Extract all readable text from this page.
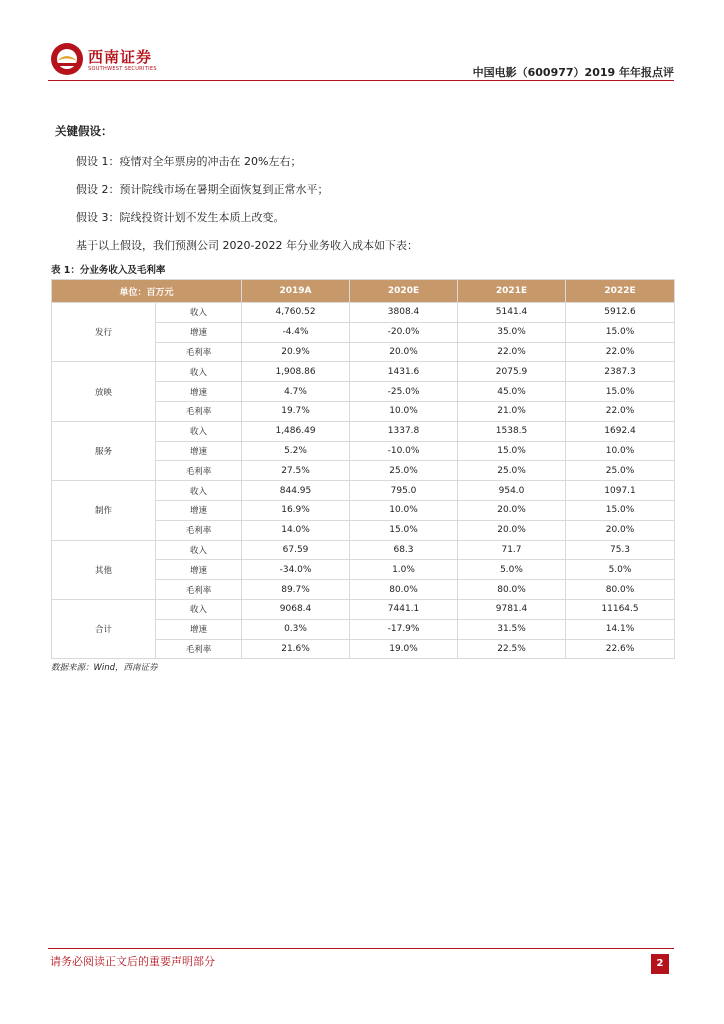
西南证券
SOUTHWEST SECURITIES	中国电影（600977）2019 年年报点评
关键假设：
假设 1：疫情对全年票房的冲击在 20%左右；
假设 2：预计院线市场在暑期全面恢复到正常水平；
假设 3：院线投资计划不发生本质上改变。
基于以上假设，我们预测公司 2020-2022 年分业务收入成本如下表：
表 1：分业务收入及毛利率
单位：百万元		2019A	2020E	2021E	2022E
发行	收入	4,760.52	3808.4	5141.4	5912.6
	增速	-4.4%	-20.0%	35.0%	15.0%
	毛利率	20.9%	20.0%	22.0%	22.0%
放映	收入	1,908.86	1431.6	2075.9	2387.3
	增速	4.7%	-25.0%	45.0%	15.0%
	毛利率	19.7%	10.0%	21.0%	22.0%
服务	收入	1,486.49	1337.8	1538.5	1692.4
	增速	5.2%	-10.0%	15.0%	10.0%
	毛利率	27.5%	25.0%	25.0%	25.0%
制作	收入	844.95	795.0	954.0	1097.1
	增速	16.9%	10.0%	20.0%	15.0%
	毛利率	14.0%	15.0%	20.0%	20.0%
其他	收入	67.59	68.3	71.7	75.3
	增速	-34.0%	1.0%	5.0%	5.0%
	毛利率	89.7%	80.0%	80.0%	80.0%
合计	收入	9068.4	7441.1	9781.4	11164.5
	增速	0.3%	-17.9%	31.5%	14.1%
	毛利率	21.6%	19.0%	22.5%	22.6%
数据来源：Wind，西南证券
请务必阅读正文后的重要声明部分	2
